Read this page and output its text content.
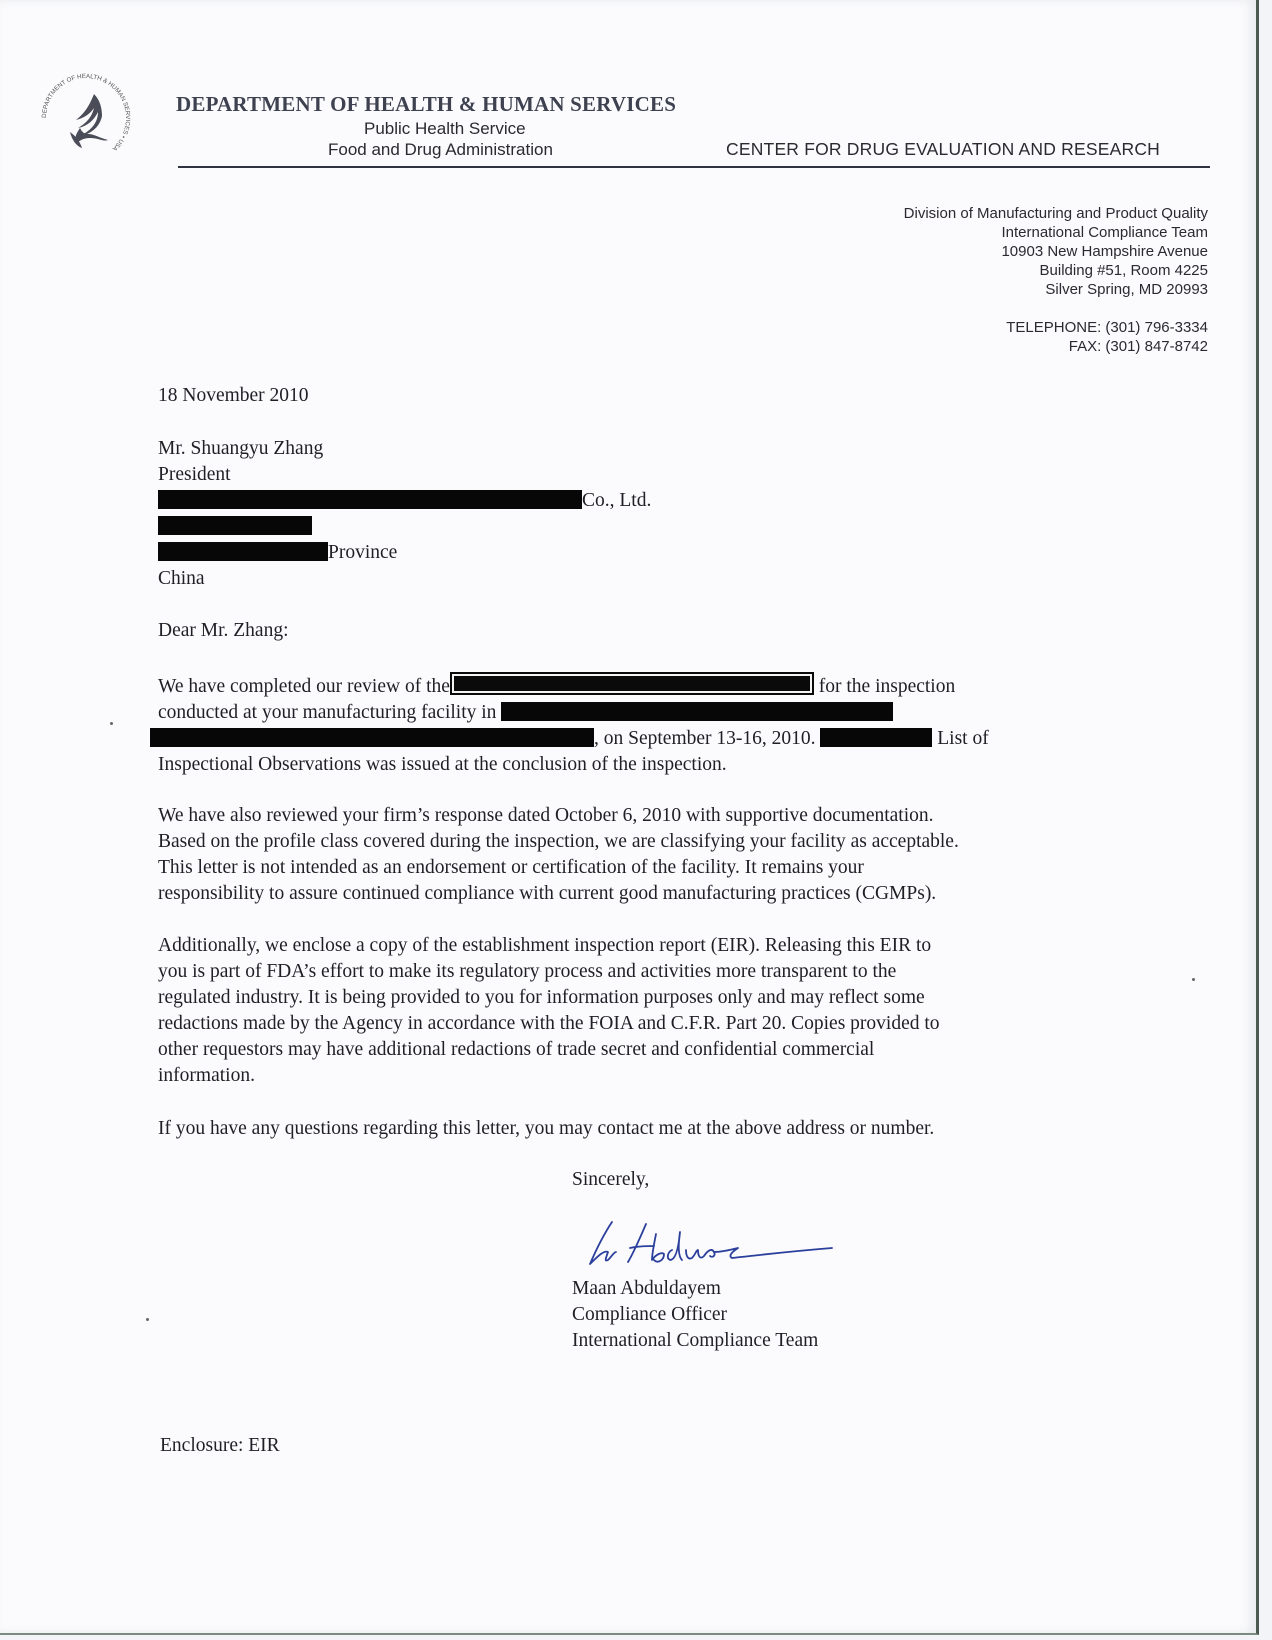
DEPARTMENT OF HEALTH & HUMAN SERVICES • USA
DEPARTMENT OF HEALTH & HUMAN SERVICES
Public Health Service
Food and Drug Administration	CENTER FOR DRUG EVALUATION AND RESEARCH
Division of Manufacturing and Product Quality
International Compliance Team
10903 New Hampshire Avenue
Building #51, Room 4225
Silver Spring, MD 20993
TELEPHONE: (301) 796-3334
FAX: (301) 847-8742
18 November 2010
Mr. Shuangyu Zhang
President
Co., Ltd.
Province
China
Dear Mr. Zhang:
We have completed our review of the	for the inspection
conducted at your manufacturing facility in
, on September 13-16, 2010.	List of
Inspectional Observations was issued at the conclusion of the inspection.
We have also reviewed your firm’s response dated October 6, 2010 with supportive documentation.
Based on the profile class covered during the inspection, we are classifying your facility as acceptable.
This letter is not intended as an endorsement or certification of the facility. It remains your
responsibility to assure continued compliance with current good manufacturing practices (CGMPs).
Additionally, we enclose a copy of the establishment inspection report (EIR). Releasing this EIR to
you is part of FDA’s effort to make its regulatory process and activities more transparent to the
regulated industry. It is being provided to you for information purposes only and may reflect some
redactions made by the Agency in accordance with the FOIA and C.F.R. Part 20. Copies provided to
other requestors may have additional redactions of trade secret and confidential commercial
information.
If you have any questions regarding this letter, you may contact me at the above address or number.
Sincerely,
Maan Abduldayem
Compliance Officer
International Compliance Team
Enclosure: EIR
